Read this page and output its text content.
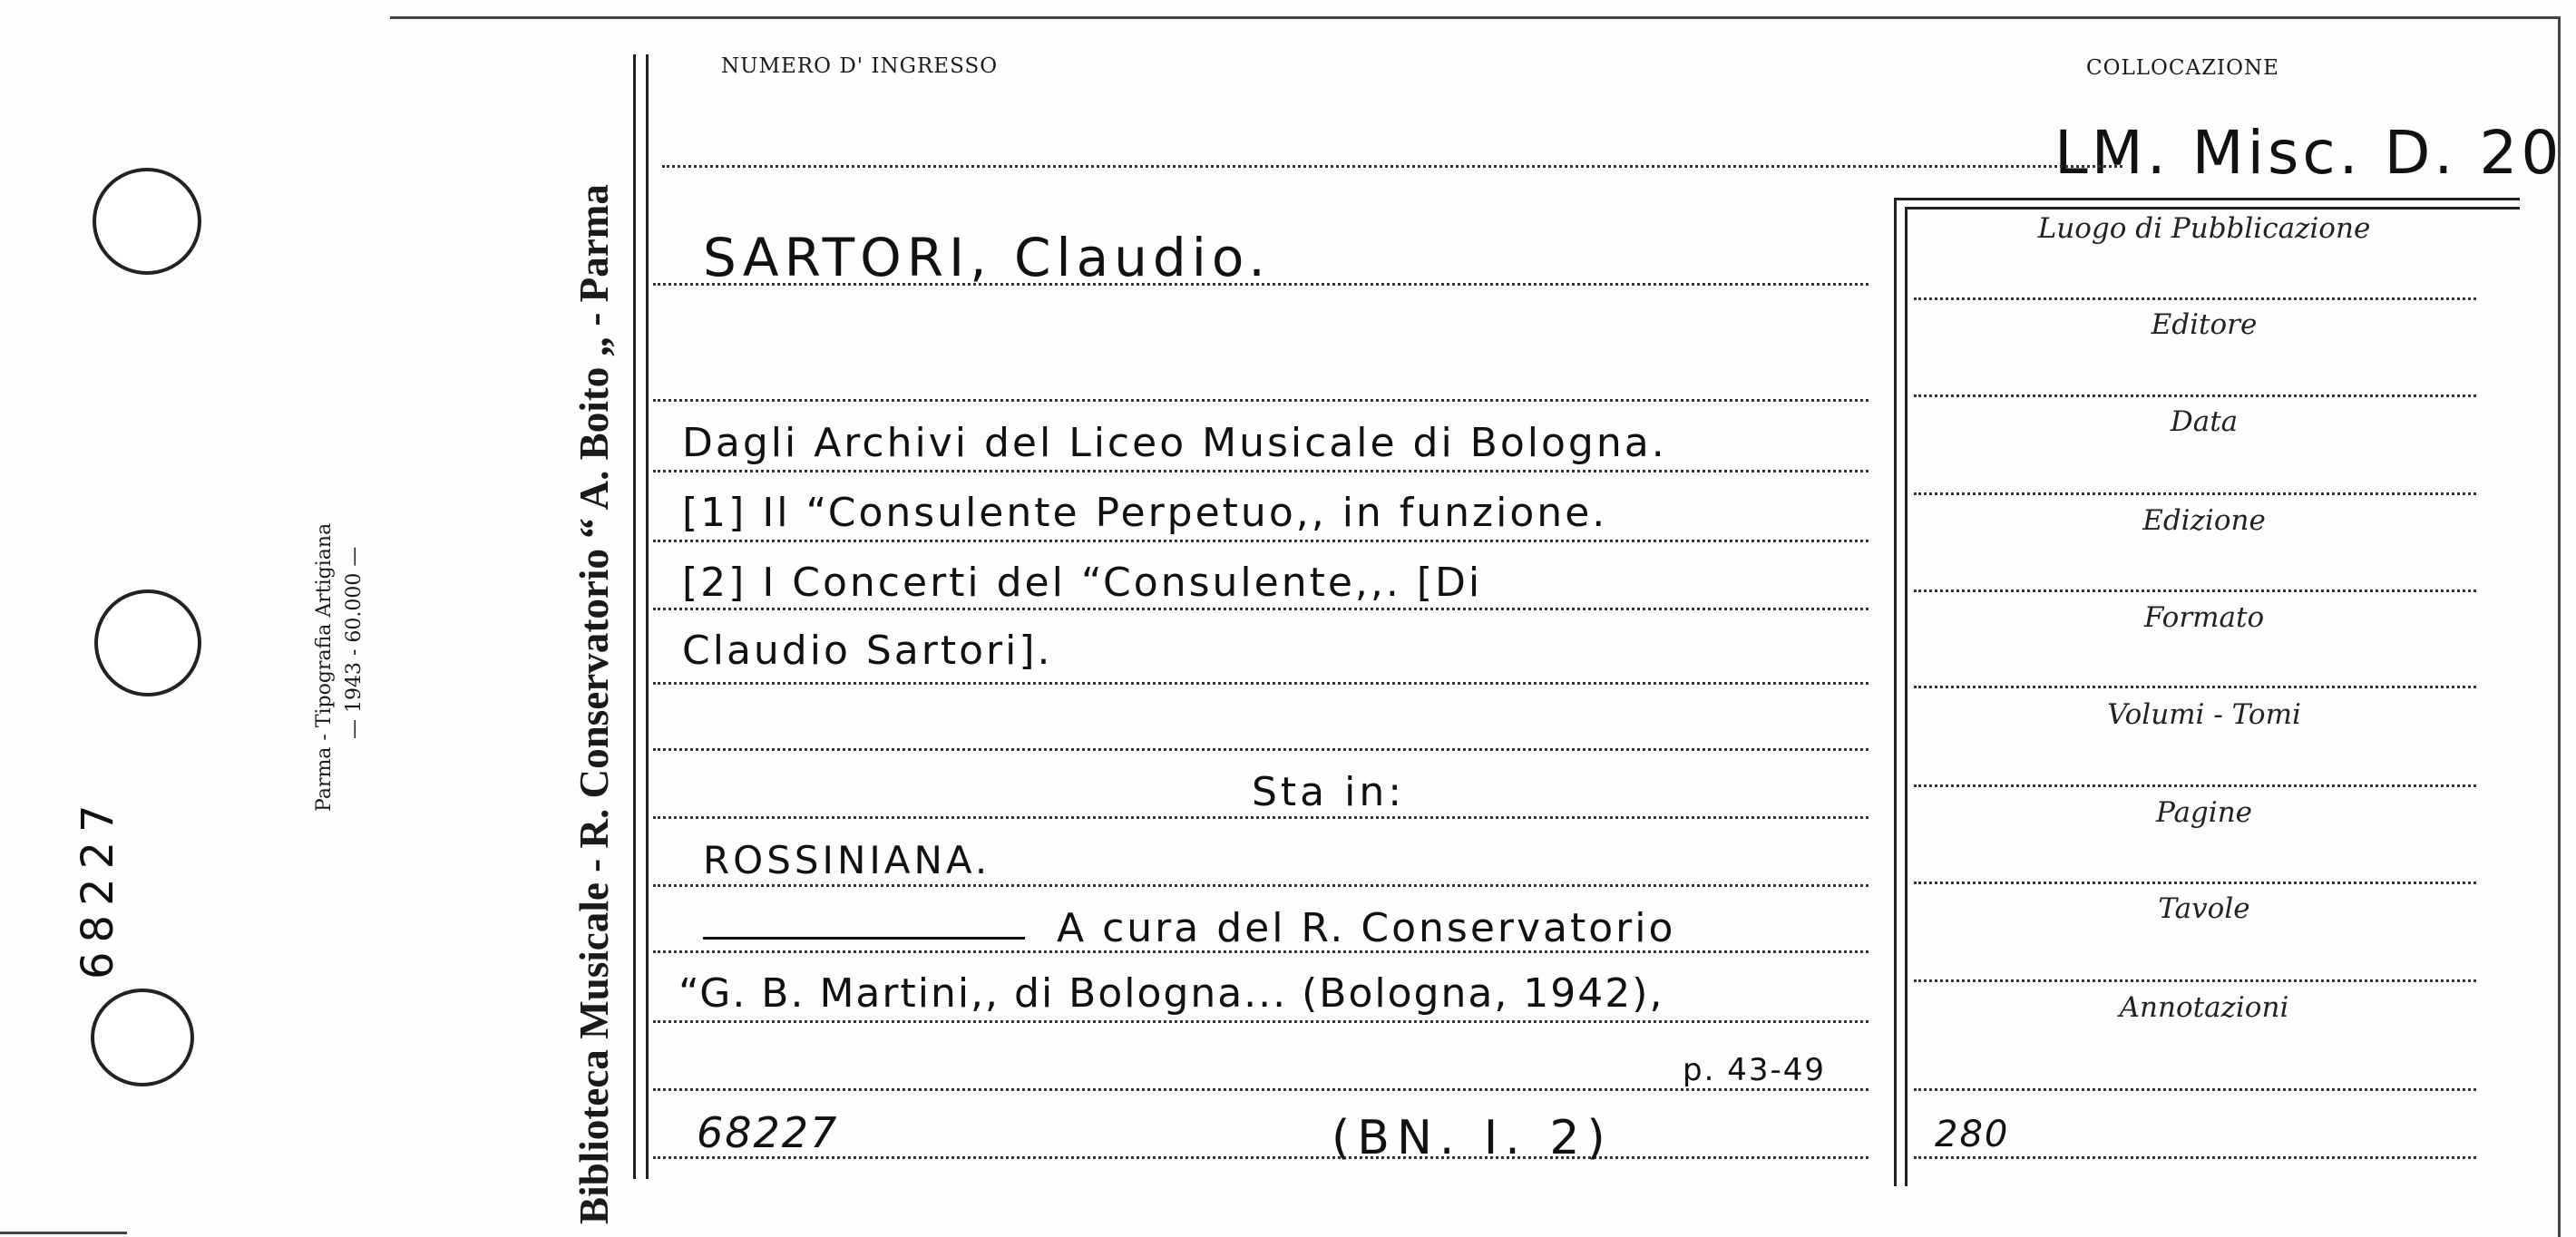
68227
Parma - Tipografia Artigiana — 1943 - 60.000 —	Biblioteca Musicale - R. Conservatorio “ A. Boito „ - Parma
NUMERO D' INGRESSO	COLLOCAZIONE
LM. Misc. D. 20
SARTORI, Claudio.
Dagli Archivi del Liceo Musicale di Bologna.
[1] Il “Consulente Perpetuo,, in funzione.
[2] I Concerti del “Consulente,,. [Di
Claudio Sartori].
Sta in:
ROSSINIANA.
A cura del R. Conservatorio
“G. B. Martini,, di Bologna... (Bologna, 1942),
p. 43-49
68227	(BN. I. 2)	280
Luogo di Pubblicazione
Editore
Data
Edizione
Formato
Volumi - Tomi
Pagine
Tavole
Annotazioni
